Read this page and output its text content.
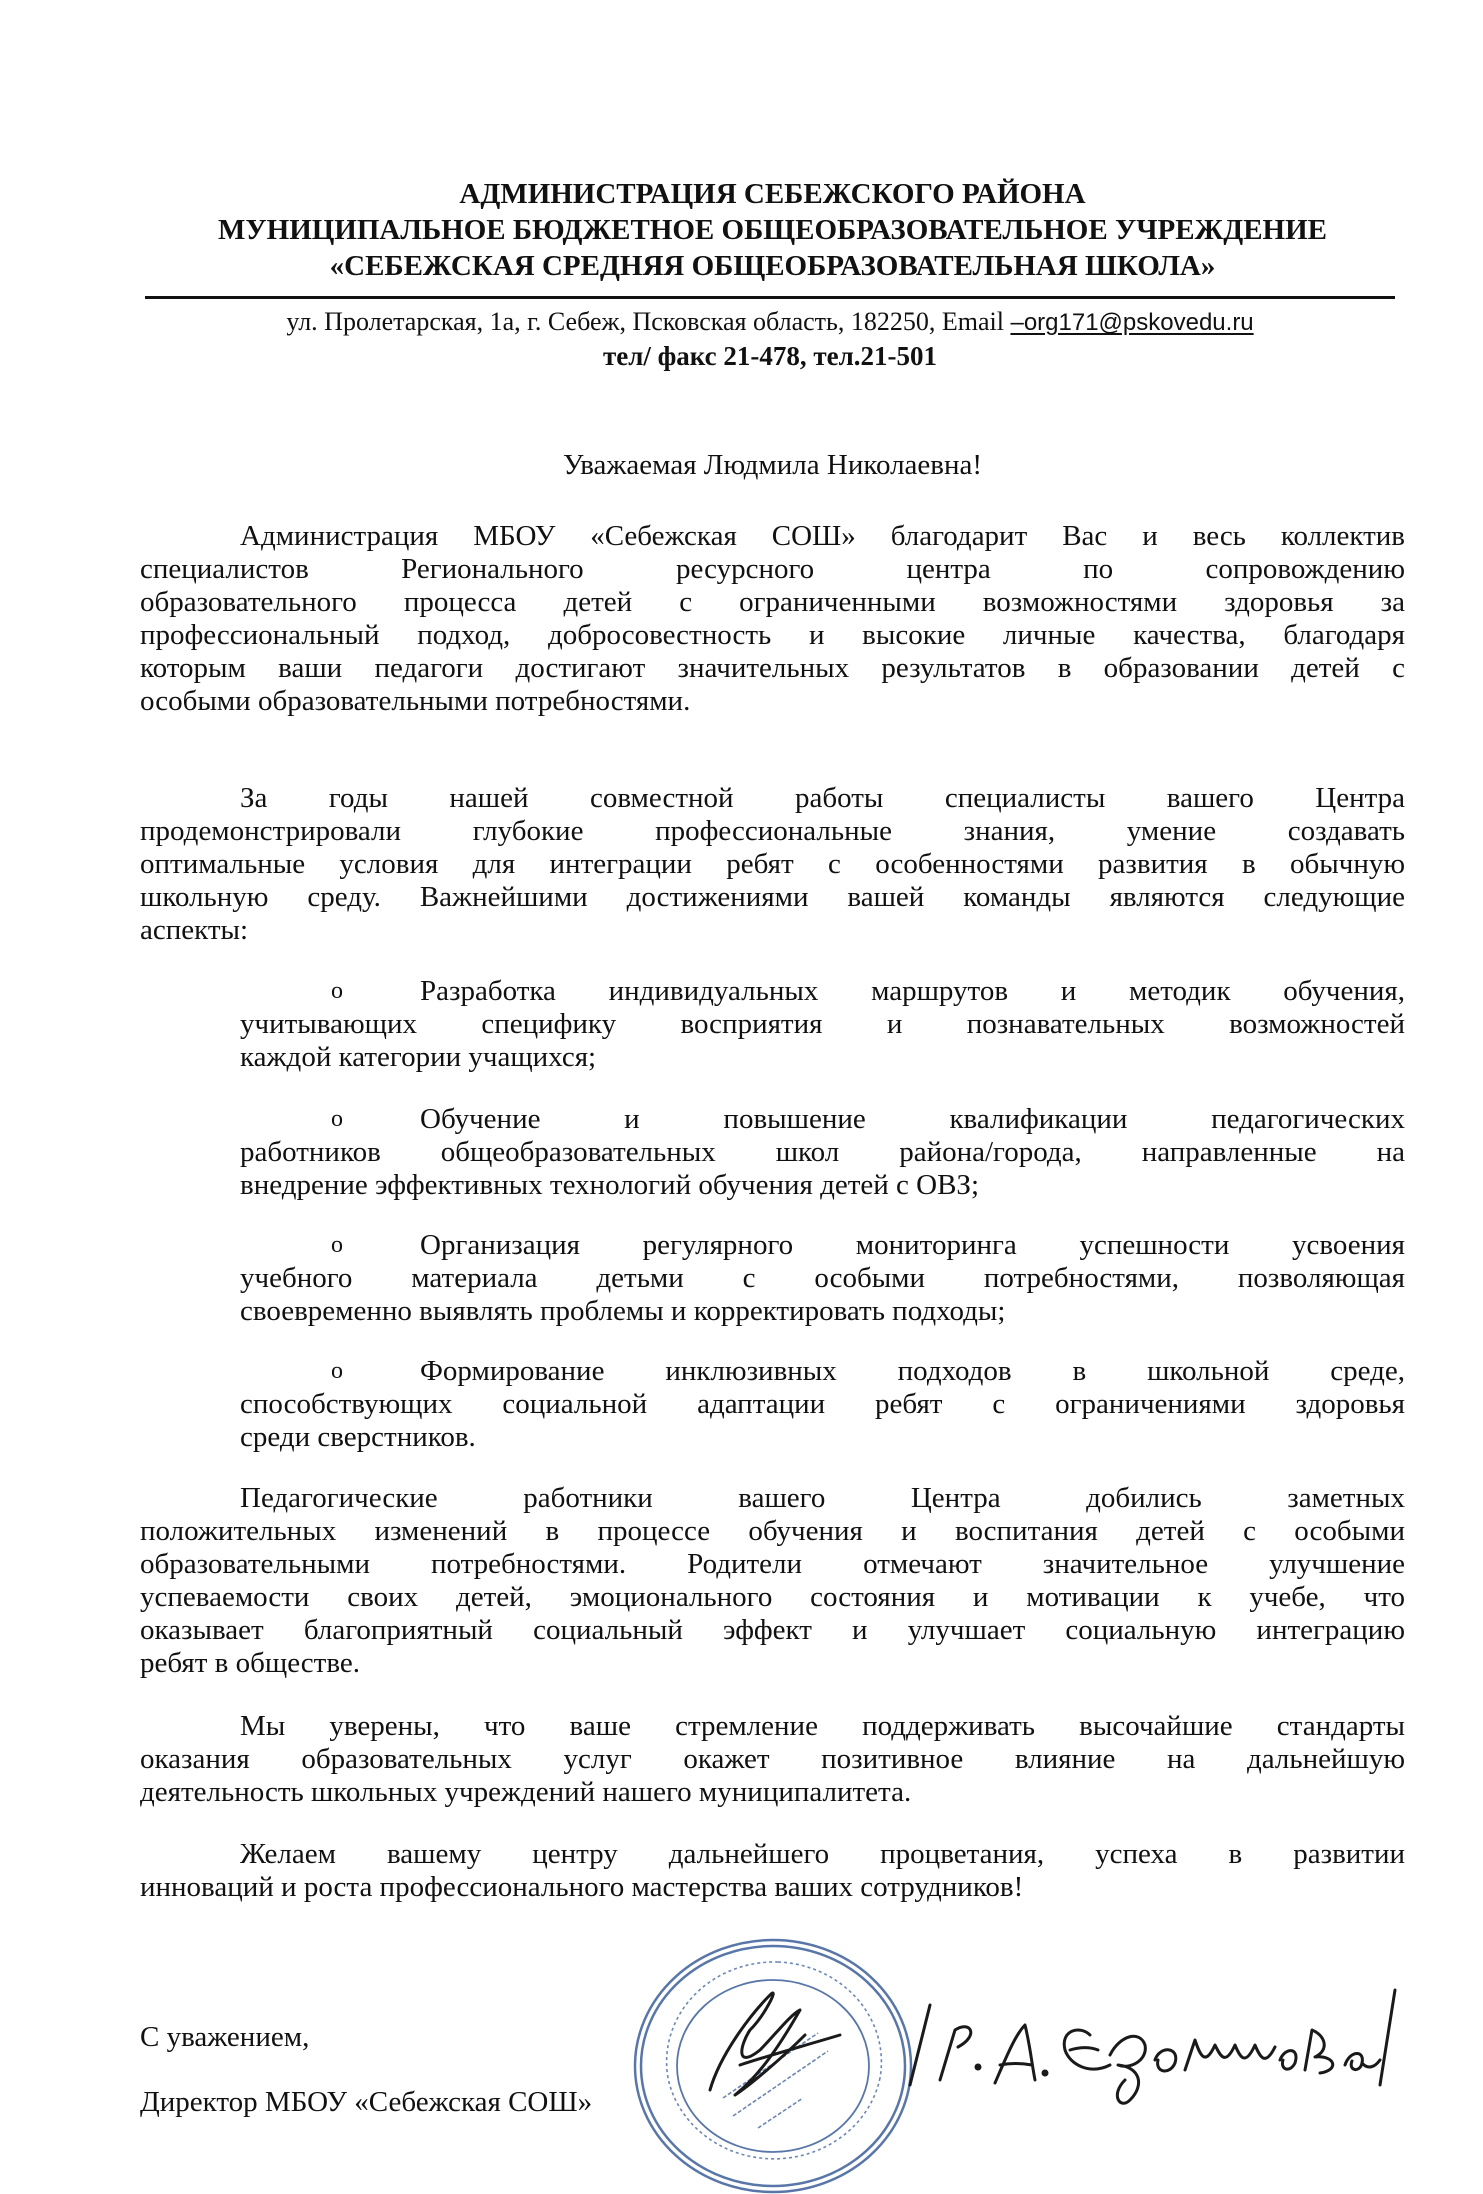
АДМИНИСТРАЦИЯ СЕБЕЖСКОГО РАЙОНА
МУНИЦИПАЛЬНОЕ БЮДЖЕТНОЕ ОБЩЕОБРАЗОВАТЕЛЬНОЕ УЧРЕЖДЕНИЕ
«СЕБЕЖСКАЯ СРЕДНЯЯ ОБЩЕОБРАЗОВАТЕЛЬНАЯ ШКОЛА»
ул. Пролетарская, 1а, г. Себеж, Псковская область, 182250, Email –org171@pskovedu.ru
тел/ факс 21-478, тел.21-501
Уважаемая Людмила Николаевна!
Администрация МБОУ «Себежская СОШ» благодарит Вас и весь коллектив
специалистов Регионального ресурсного центра по сопровождению
образовательного процесса детей с ограниченными возможностями здоровья за
профессиональный подход, добросовестность и высокие личные качества, благодаря
которым ваши педагоги достигают значительных результатов в образовании детей с
особыми образовательными потребностями.
За годы нашей совместной работы специалисты вашего Центра
продемонстрировали глубокие профессиональные знания, умение создавать
оптимальные условия для интеграции ребят с особенностями развития в обычную
школьную среду. Важнейшими достижениями вашей команды являются следующие
аспекты:
o	Разработка индивидуальных маршрутов и методик обучения,
учитывающих специфику восприятия и познавательных возможностей
каждой категории учащихся;
o	Обучение и повышение квалификации педагогических
работников общеобразовательных школ района/города, направленные на
внедрение эффективных технологий обучения детей с ОВЗ;
o	Организация регулярного мониторинга успешности усвоения
учебного материала детьми с особыми потребностями, позволяющая
своевременно выявлять проблемы и корректировать подходы;
o	Формирование инклюзивных подходов в школьной среде,
способствующих социальной адаптации ребят с ограничениями здоровья
среди сверстников.
Педагогические работники вашего Центра добились заметных
положительных изменений в процессе обучения и воспитания детей с особыми
образовательными потребностями. Родители отмечают значительное улучшение
успеваемости своих детей, эмоционального состояния и мотивации к учебе, что
оказывает благоприятный социальный эффект и улучшает социальную интеграцию
ребят в обществе.
Мы уверены, что ваше стремление поддерживать высочайшие стандарты
оказания образовательных услуг окажет позитивное влияние на дальнейшую
деятельность школьных учреждений нашего муниципалитета.
Желаем вашему центру дальнейшего процветания, успеха в развитии
инноваций и роста профессионального мастерства ваших сотрудников!
С уважением,
Директор МБОУ «Себежская СОШ»
